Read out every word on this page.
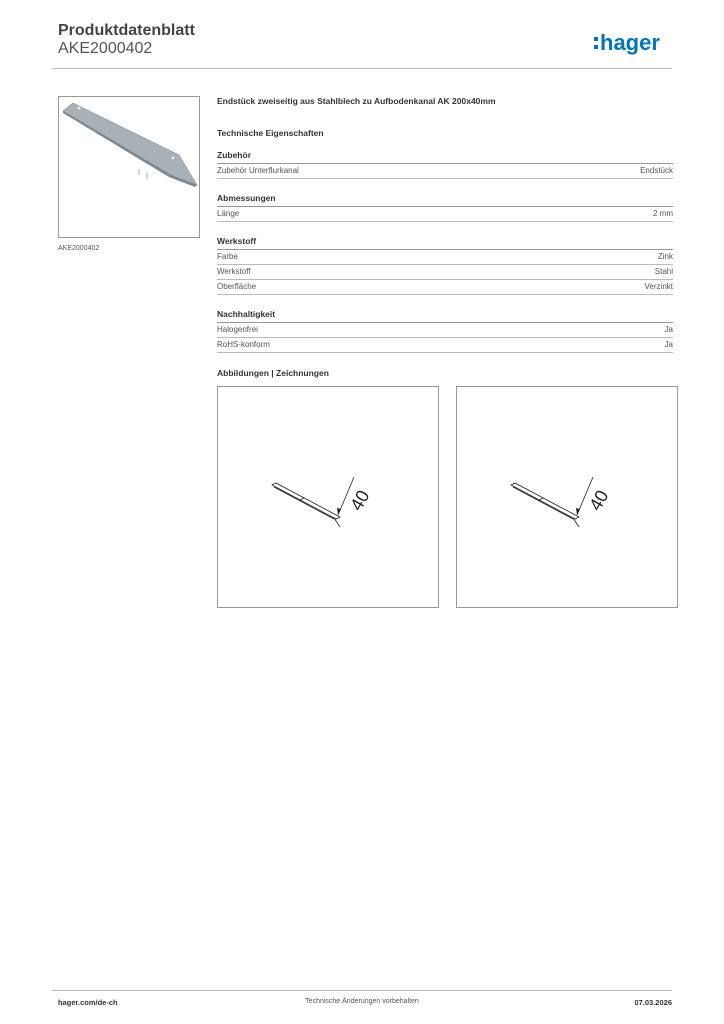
Produktdatenblatt
AKE2000402	hager
AKE2000402
Endstück zweiseitig aus Stahlblech zu Aufbodenkanal AK 200x40mm
Technische Eigenschaften
Zubehör
Zubehör Unterflurkanal	Endstück
Abmessungen
Länge	2 mm
Werkstoff
Farbe	Zink
Werkstoff	Stahl
Oberfläche	Verzinkt
Nachhaltigkeit
Halogenfrei	Ja
RoHS-konform	Ja
Abbildungen | Zeichnungen
40	40
hager.com/de-ch	Technische Änderungen vorbehalten	07.03.2026
